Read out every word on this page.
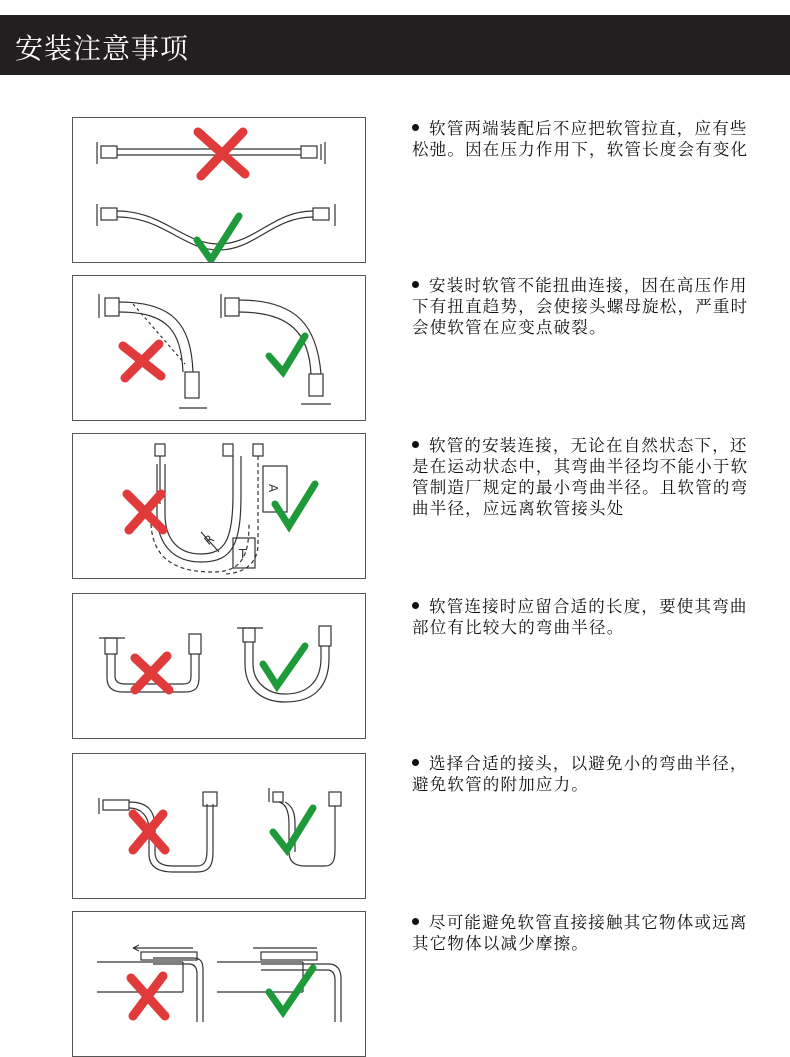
安装注意事项
A
R
T
软管两端装配后不应把软管拉直，应有些松弛。因在压力作用下，软管长度会有变化
安装时软管不能扭曲连接，因在高压作用下有扭直趋势，会使接头螺母旋松，严重时会使软管在应变点破裂。
软管的安装连接，无论在自然状态下，还是在运动状态中，其弯曲半径均不能小于软管制造厂规定的最小弯曲半径。且软管的弯曲半径，应远离软管接头处
软管连接时应留合适的长度，要使其弯曲部位有比较大的弯曲半径。
选择合适的接头，以避免小的弯曲半径，避免软管的附加应力。
尽可能避免软管直接接触其它物体或远离其它物体以减少摩擦。
